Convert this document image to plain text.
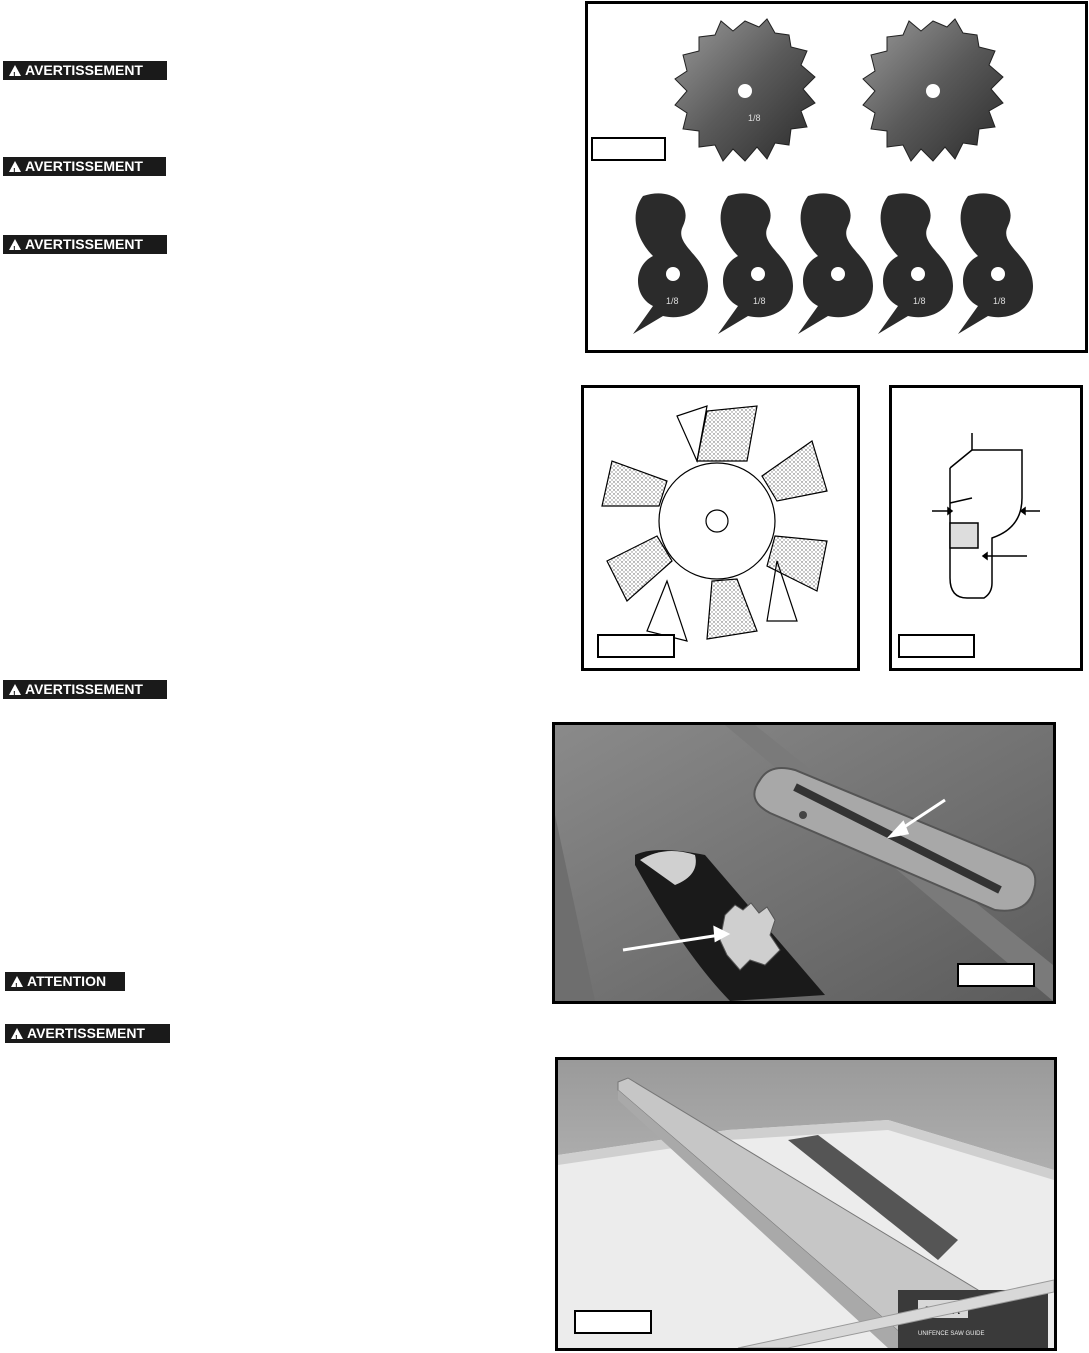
!
AVERTISSEMENT
!
AVERTISSEMENT
!
AVERTISSEMENT
!
AVERTISSEMENT
!
ATTENTION
!
AVERTISSEMENT
1/8
1/8	1/8	1/8	1/8
UNIFENCE SAW GUIDE
